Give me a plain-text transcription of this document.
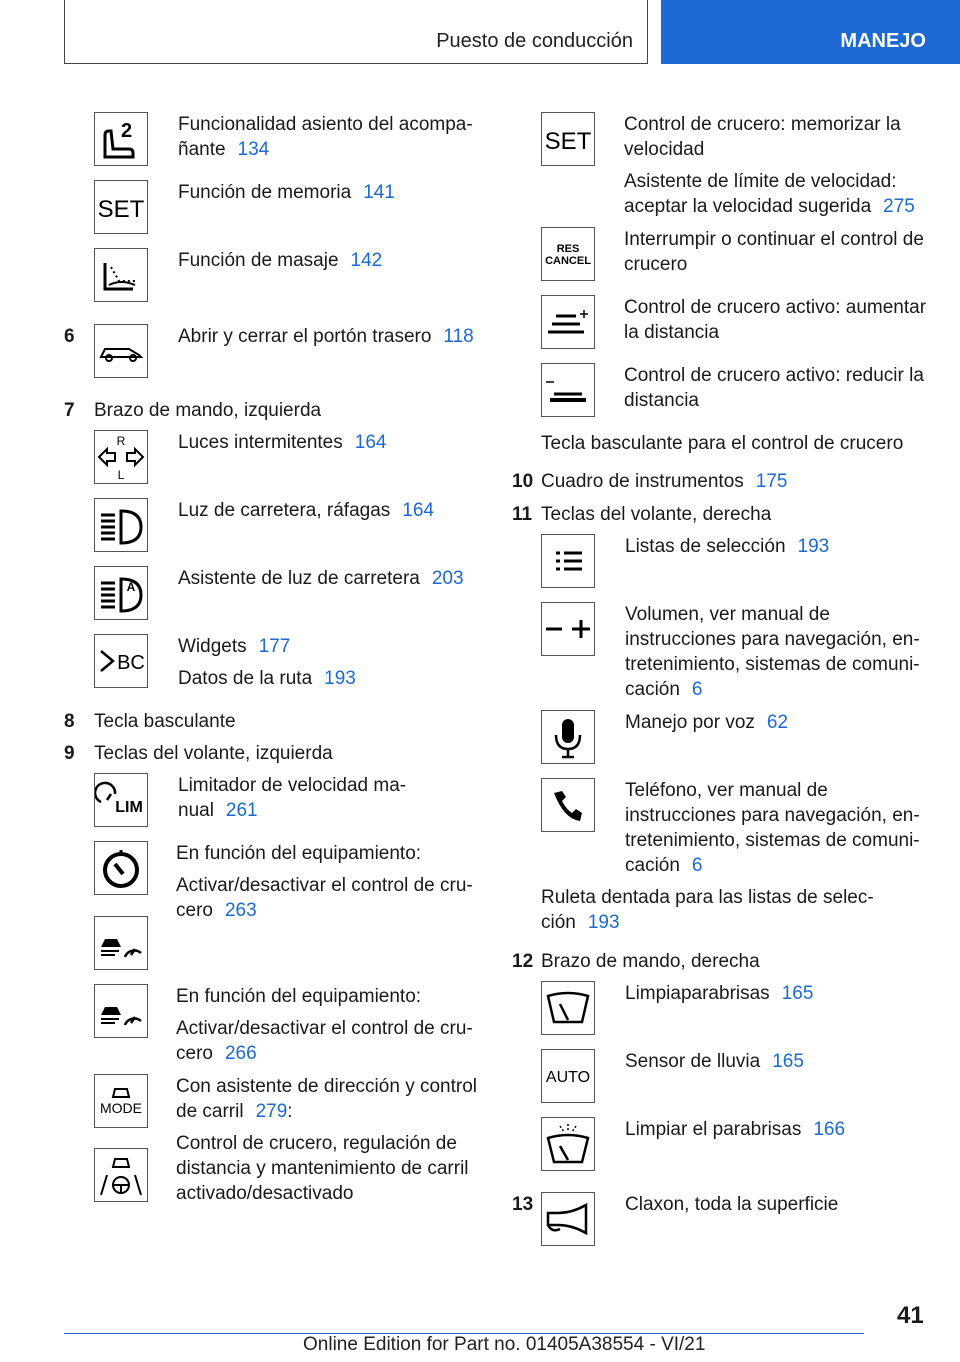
Puesto de conducción	MANEJO
2 Funcionalidad asiento del acompa-
ñante 134
SET
Función de memoria 141
Función de masaje 142
6	Abrir y cerrar el portón trasero 118
7 Brazo de mando, izquierda
R
L
Luces intermitentes 164
Luz de carretera, ráfagas 164
A Asistente de luz de carretera 203
BC
Widgets 177
Datos de la ruta 193
8 Tecla basculante
9 Teclas del volante, izquierda
LIM
Limitador de velocidad ma-
nual 261
En función del equipamiento:
Activar/desactivar el control de cru-
cero 263
En función del equipamiento:
Activar/desactivar el control de cru-
cero 266
MODE
Con asistente de dirección y control
de carril 279:
Control de crucero, regulación de
distancia y mantenimiento de carril
activado/desactivado
SET
Control de crucero: memorizar la
velocidad
Asistente de límite de velocidad:
aceptar la velocidad sugerida 275
RES
CANCEL
Interrumpir o continuar el control de
crucero
Control de crucero activo: aumentar
la distancia
Control de crucero activo: reducir la
distancia
Tecla basculante para el control de crucero
10 Cuadro de instrumentos 175
11 Teclas del volante, derecha
Listas de selección 193
Volumen, ver manual de
instrucciones para navegación, en-
tretenimiento, sistemas de comuni-
cación 6
Manejo por voz 62
Teléfono, ver manual de
instrucciones para navegación, en-
tretenimiento, sistemas de comuni-
cación 6
Ruleta dentada para las listas de selec-
ción 193
12 Brazo de mando, derecha
Limpiaparabrisas 165
AUTO
Sensor de lluvia 165
Limpiar el parabrisas 166
13	Claxon, toda la superficie
41
Online Edition for Part no. 01405A38554 - VI/21
